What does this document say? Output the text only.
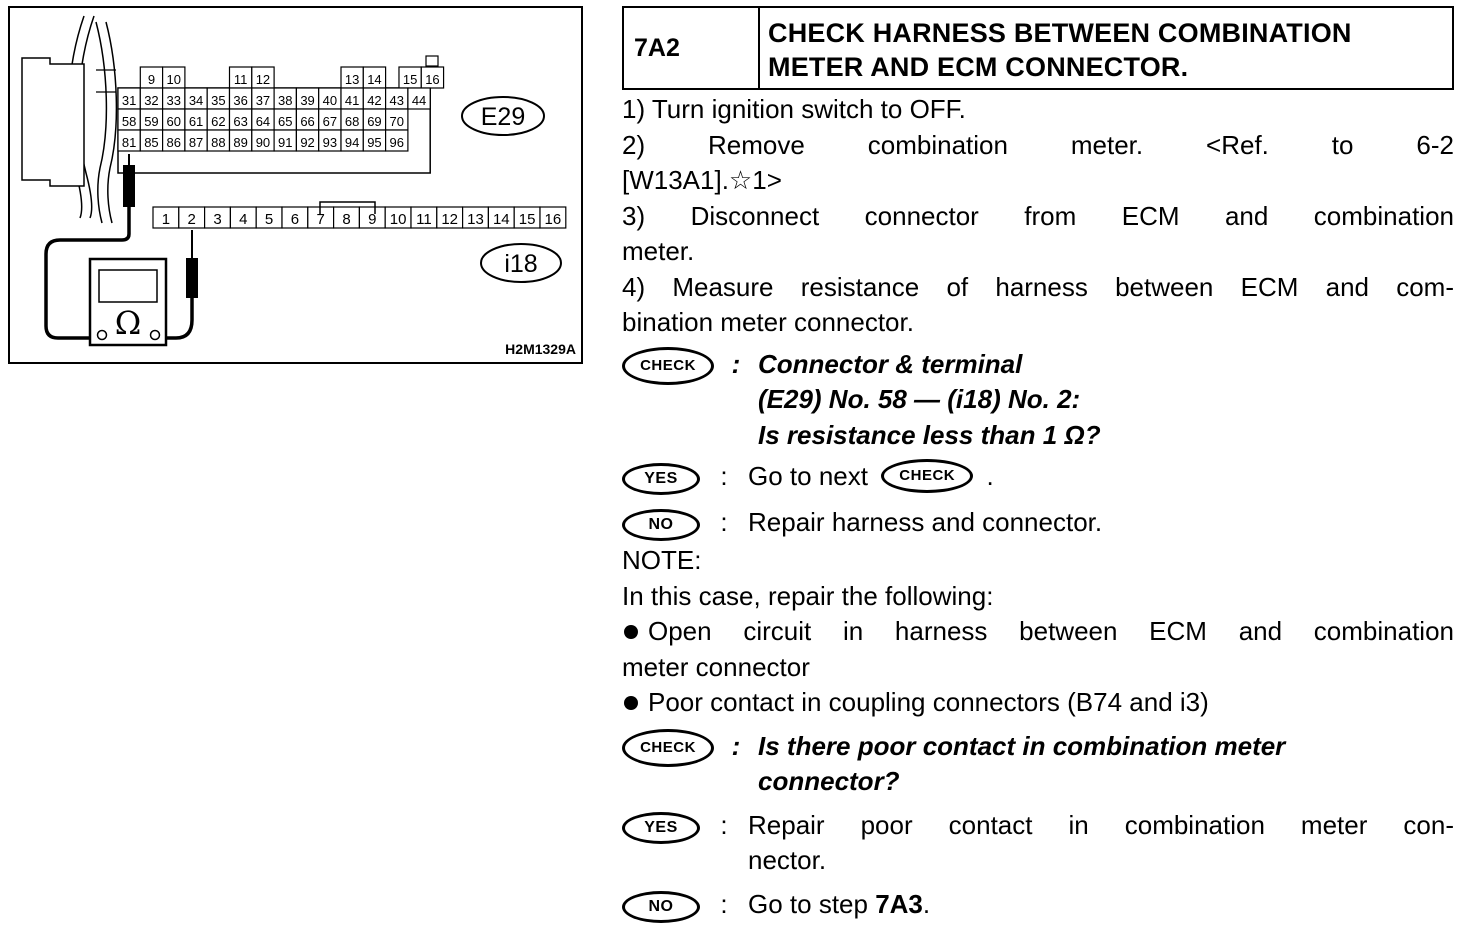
9 10	11 12	13 14 15 16
31 32 33 34 35 36 37 38 39 40 41 42 43 44
58 59 60 61 62 63 64 65 66 67 68 69 70
81 85 86 87 88 89 90 91 92 93 94 95 96
1 2 3 4 5 6 7 8 9 10 11 12 13 14 15 16
E29
i18
Ω
H2M1329A
7A2	CHECK HARNESS BETWEEN COMBINATION
METER AND ECM CONNECTOR.
1) Turn ignition switch to OFF.
2) Remove combination meter. <Ref. to 6-2
[W13A1].☆1>
3) Disconnect connector from ECM and combination
meter.
4) Measure resistance of harness between ECM and com-
bination meter connector.
CHECK	: Connector & terminal
(E29) No. 58 — (i18) No. 2:
Is resistance less than 1 Ω?
YES	: Go to next CHECK .
NO	: Repair harness and connector.
NOTE:
In this case, repair the following:
Open circuit in harness between ECM and combination
meter connector
Poor contact in coupling connectors (B74 and i3)
CHECK	: Is there poor contact in combination meter
connector?
YES	: Repair poor contact in combination meter con-
nector.
NO	: Go to step 7A3.
